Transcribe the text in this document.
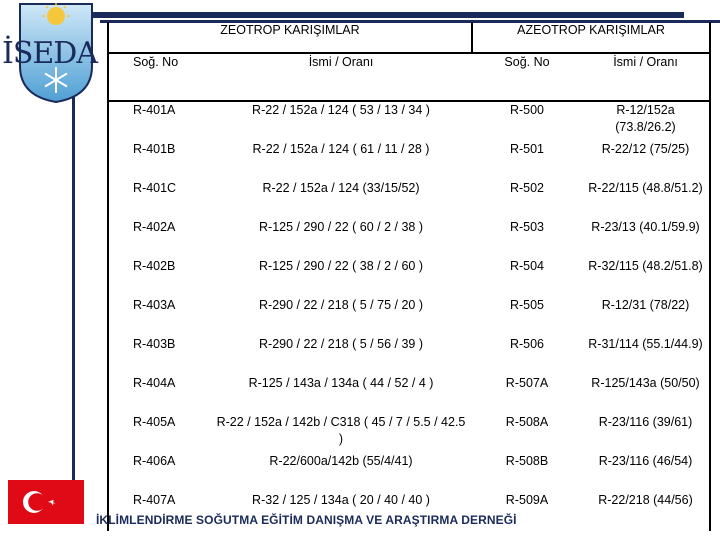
İSEDA
ZEOTROP KARIŞIMLAR		AZEOTROP KARIŞIMLAR	
Soğ. No	İsmi / Oranı	Soğ. No	İsmi / Oranı
R-401A	R-22 / 152a / 124 ( 53 / 13 / 34 )	R-500	R-12/152a (73.8/26.2)
R-401B	R-22 / 152a / 124 ( 61 / 11 / 28 )	R-501	R-22/12 (75/25)
R-401C	R-22 / 152a / 124 (33/15/52)	R-502	R-22/115 (48.8/51.2)
R-402A	R-125 / 290 / 22 ( 60 / 2 / 38 )	R-503	R-23/13 (40.1/59.9)
R-402B	R-125 / 290 / 22 ( 38 / 2 / 60 )	R-504	R-32/115 (48.2/51.8)
R-403A	R-290 / 22 / 218 ( 5 / 75 / 20 )	R-505	R-12/31 (78/22)
R-403B	R-290 / 22 / 218 ( 5 / 56 / 39 )	R-506	R-31/114 (55.1/44.9)
R-404A	R-125 / 143a / 134a ( 44 / 52 / 4 )	R-507A	R-125/143a (50/50)
R-405A	R-22 / 152a / 142b / C318 ( 45 / 7 / 5.5 / 42.5 )	R-508A	R-23/116 (39/61)
R-406A	R-22/600a/142b (55/4/41)	R-508B	R-23/116 (46/54)
R-407A	R-32 / 125 / 134a ( 20 / 40 / 40 )	R-509A	R-22/218 (44/56)
İKLİMLENDİRME SOĞUTMA EĞİTİM DANIŞMA VE ARAŞTIRMA DERNEĞİ
